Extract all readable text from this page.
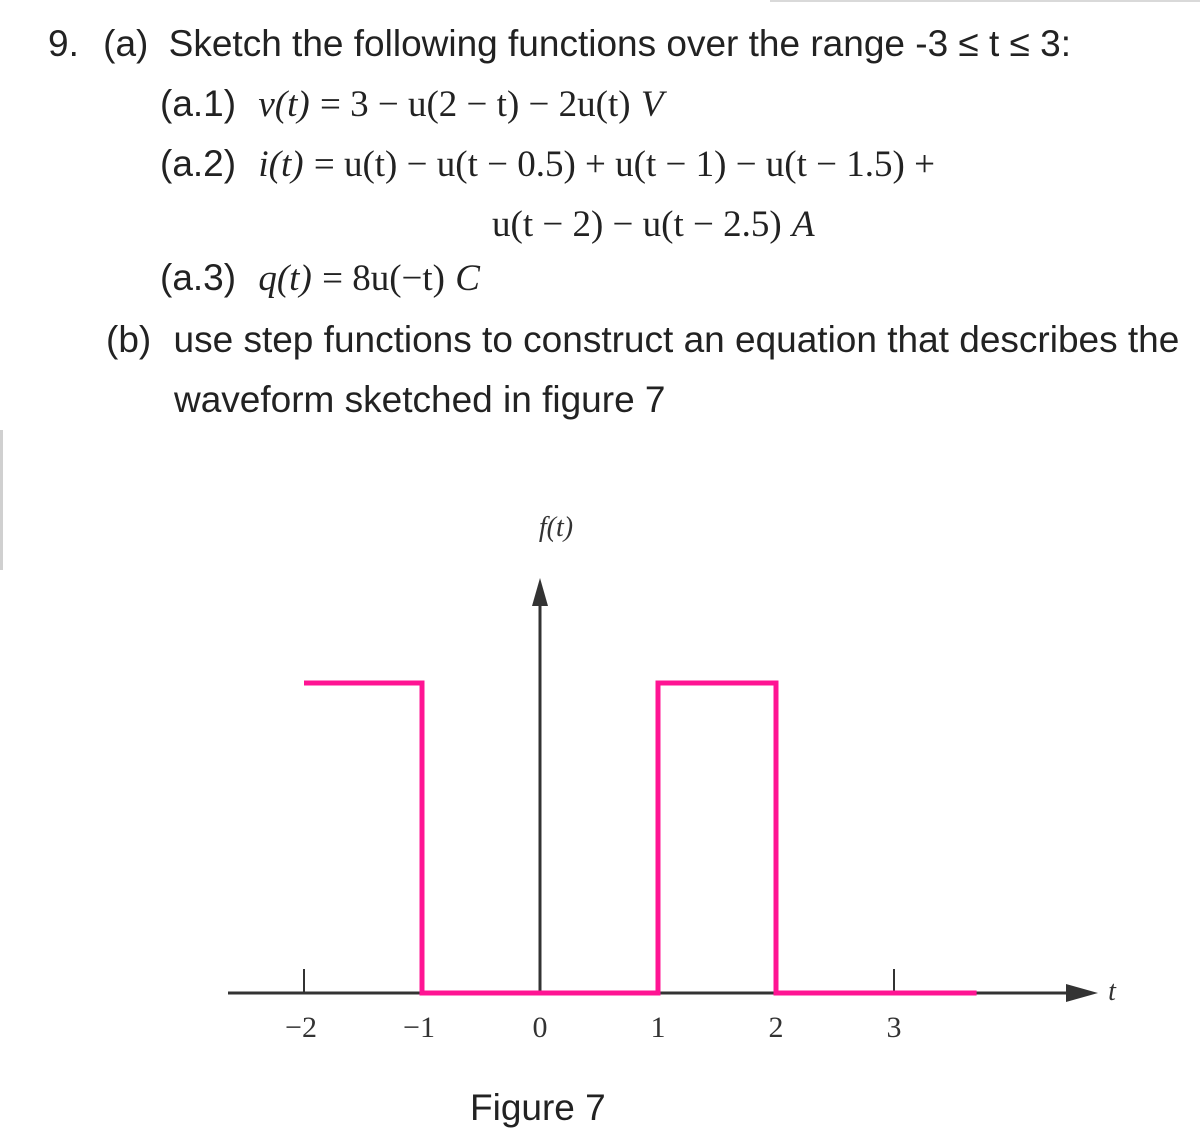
9. (a) Sketch the following functions over the range -3 ≤ t ≤ 3:
(a.1) v(t) = 3 − u(2 − t) − 2u(t) V
(a.2) i(t) = u(t) − u(t − 0.5) + u(t − 1) − u(t − 1.5) +
u(t − 2) − u(t − 2.5) A
(a.3) q(t) = 8u(−t) C
(b) use step functions to construct an equation that describes the
waveform sketched in figure 7
−2	−1	0	1	2	3
f(t)
t
Figure 7
